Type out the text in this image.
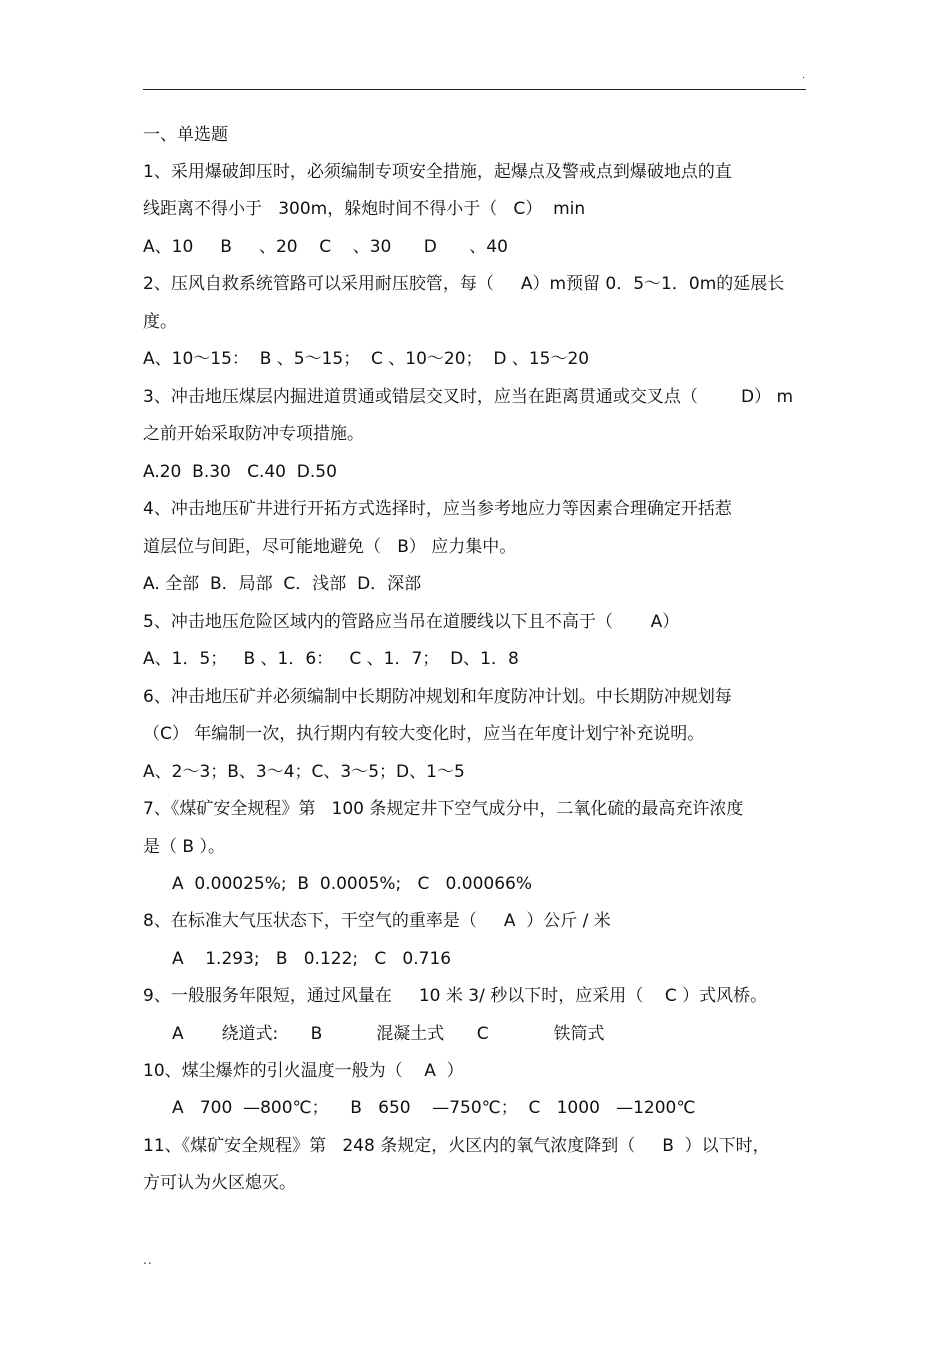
·
一、单选题
1、采用爆破卸压时，必须编制专项安全措施，起爆点及警戒点到爆破地点的直
线距离不得小于   300m，躲炮时间不得小于（   C）  min
A、10     B     、20    C    、30      D      、40
2、压风自救系统管路可以采用耐压胶管，每（     A）m预留 0．5～1．0m的延展长
度。
A、10～15：  B 、5～15；  C 、10～20；  D 、15～20
3、冲击地压煤层内掘进道贯通或错层交叉时，应当在距离贯通或交叉点（        D） m
之前开始采取防冲专项措施。
A.20  B.30   C.40  D.50
4、冲击地压矿井进行开拓方式选择时，应当参考地应力等因素合理确定开括惹
道层位与间距，尽可能地避免（   B） 应力集中。
A. 全部  B．局部  C．浅部  D．深部
5、冲击地压危险区域内的管路应当吊在道腰线以下且不高于（       A）
A、1．5；   B 、1．6：   C 、1．7；  D、1．8
6、冲击地压矿并必须编制中长期防冲规划和年度防冲计划。中长期防冲规划每
（C） 年编制一次，执行期内有较大变化时，应当在年度计划宁补充说明。
A、2～3；B、3～4；C、3～5；D、1～5
7、《煤矿安全规程》第   100 条规定井下空气成分中，二氧化硫的最高充许浓度
是（ B ）。
A  0.00025%;  B  0.0005%;   C   0.00066%
8、在标准大气压状态下，干空气的重率是（     A  ）公斤 / 米
A    1.293;   B   0.122;   C   0.716
9、一般服务年限短，通过风量在     10 米 3/ 秒以下时，应采用（    C ）式风桥。
A       绕道式:      B          混凝土式      C            铁筒式
10、煤尘爆炸的引火温度一般为（    A  ）
A   700  —800℃；    B   650    —750℃；  C   1000   —1200℃
11、《煤矿安全规程》第   248 条规定，火区内的氧气浓度降到（     B  ）以下时，
方可认为火区熄灭。
..
